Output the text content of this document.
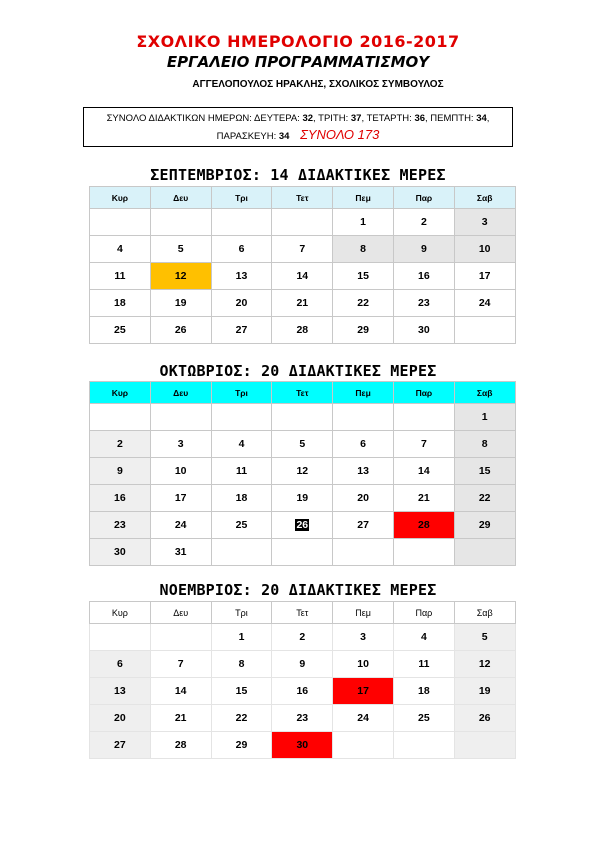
ΣΧΟΛΙΚΟ ΗΜΕΡΟΛΟΓΙΟ 2016-2017
ΕΡΓΑΛΕΙΟ ΠΡΟΓΡΑΜΜΑΤΙΣΜΟΥ
ΑΓΓΕΛΟΠΟΥΛΟΣ ΗΡΑΚΛΗΣ, ΣΧΟΛΙΚΟΣ ΣΥΜΒΟΥΛΟΣ
ΣΥΝΟΛΟ ΔΙΔΑΚΤΙΚΩΝ ΗΜΕΡΩΝ: ΔΕΥΤΕΡΑ: 32, ΤΡΙΤΗ: 37, ΤΕΤΑΡΤΗ: 36, ΠΕΜΠΤΗ: 34,
ΠΑΡΑΣΚΕΥΗ: 34 ΣΥΝΟΛΟ 173
ΣΕΠΤΕΜΒΡΙΟΣ: 14 ΔΙΔΑΚΤΙΚΕΣ ΜΕΡΕΣ
Κυρ	Δευ	Τρι	Τετ	Πεμ	Παρ	Σαβ
				1	2	3
4	5	6	7	8	9	10
11	12	13	14	15	16	17
18	19	20	21	22	23	24
25	26	27	28	29	30	
ΟΚΤΩΒΡΙΟΣ: 20 ΔΙΔΑΚΤΙΚΕΣ ΜΕΡΕΣ
Κυρ	Δευ	Τρι	Τετ	Πεμ	Παρ	Σαβ
						1
2	3	4	5	6	7	8
9	10	11	12	13	14	15
16	17	18	19	20	21	22
23	24	25	26	27	28	29
30	31					
ΝΟΕΜΒΡΙΟΣ: 20 ΔΙΔΑΚΤΙΚΕΣ ΜΕΡΕΣ
Κυρ	Δευ	Τρι	Τετ	Πεμ	Παρ	Σαβ
		1	2	3	4	5
6	7	8	9	10	11	12
13	14	15	16	17	18	19
20	21	22	23	24	25	26
27	28	29	30			
